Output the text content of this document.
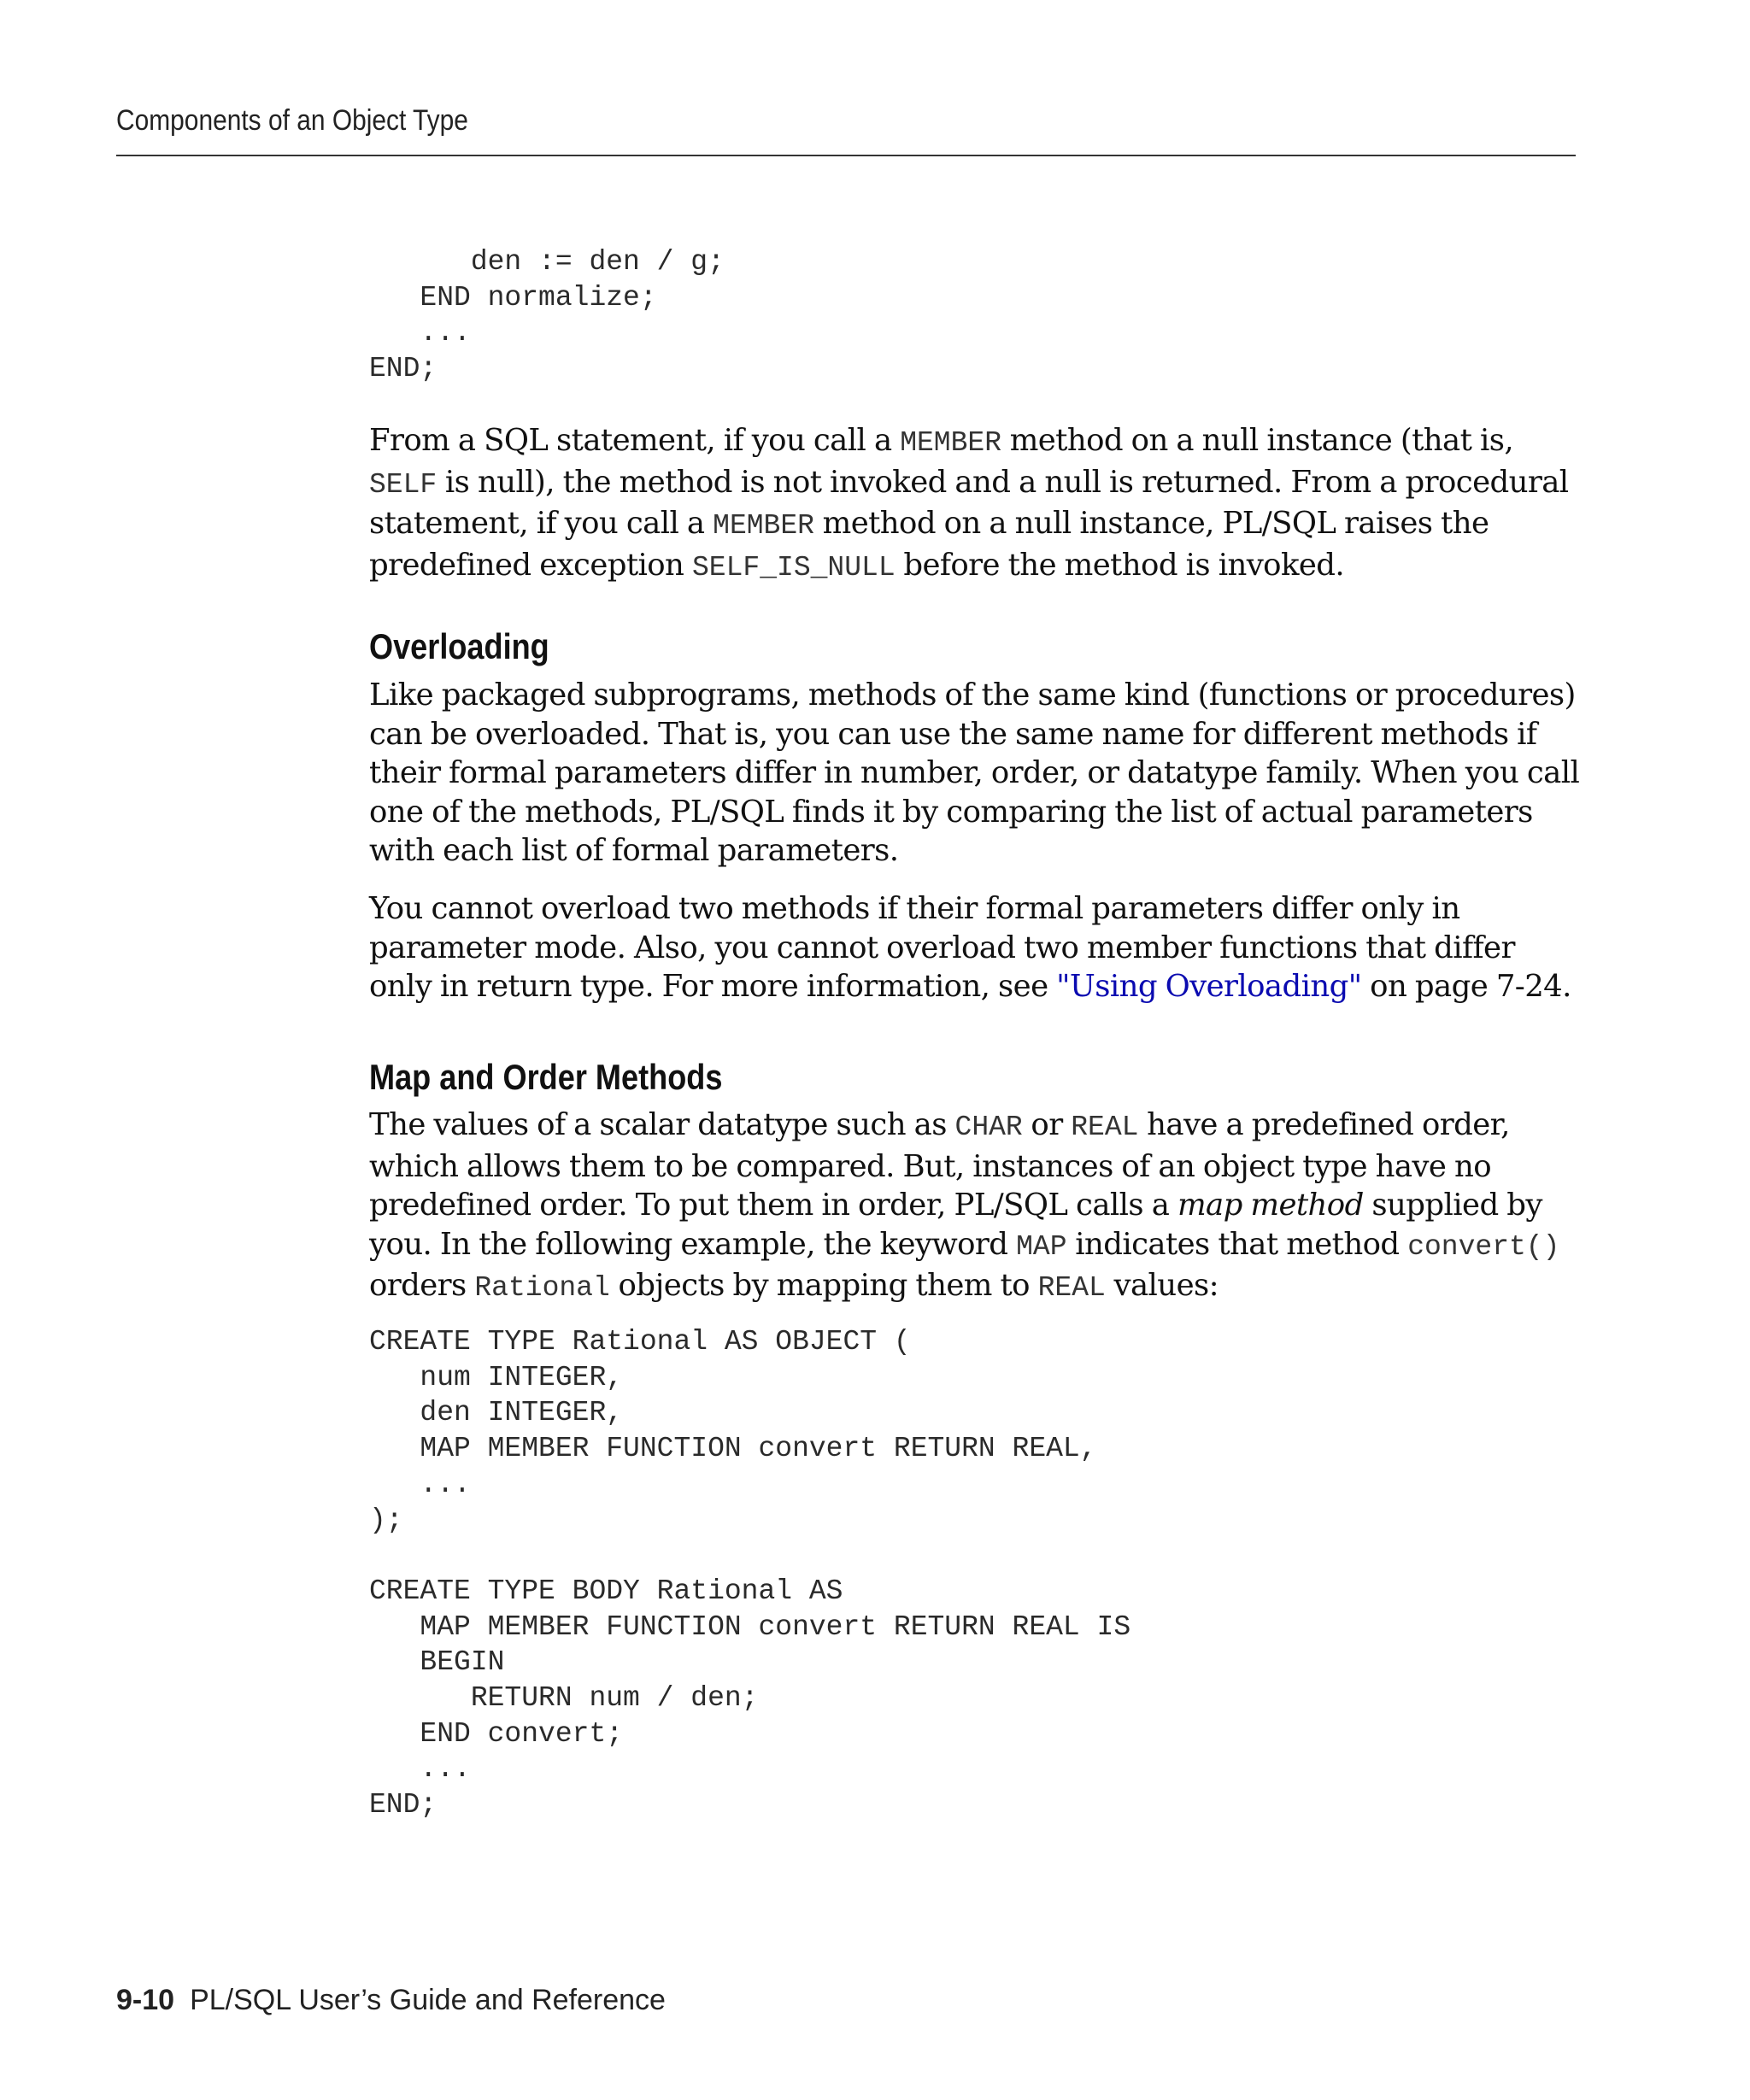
Components of an Object Type
den := den / g;
END normalize;
...
END;

From a SQL statement, if you call a MEMBER method on a null instance (that is, SELF is null), the method is not invoked and a null is returned. From a procedural statement, if you call a MEMBER method on a null instance, PL/SQL raises the predefined exception SELF_IS_NULL before the method is invoked.

Overloading

Like packaged subprograms, methods of the same kind (functions or procedures) can be overloaded. That is, you can use the same name for different methods if their formal parameters differ in number, order, or datatype family. When you call one of the methods, PL/SQL finds it by comparing the list of actual parameters with each list of formal parameters.

You cannot overload two methods if their formal parameters differ only in parameter mode. Also, you cannot overload two member functions that differ only in return type. For more information, see "Using Overloading" on page 7-24.

Map and Order Methods

The values of a scalar datatype such as CHAR or REAL have a predefined order, which allows them to be compared. But, instances of an object type have no predefined order. To put them in order, PL/SQL calls a map method supplied by you. In the following example, the keyword MAP indicates that method convert() orders Rational objects by mapping them to REAL values:

CREATE TYPE Rational AS OBJECT (
num INTEGER,
den INTEGER,
MAP MEMBER FUNCTION convert RETURN REAL,
...
);

CREATE TYPE BODY Rational AS
MAP MEMBER FUNCTION convert RETURN REAL IS
BEGIN
RETURN num / den;
END convert;
...
END;
9-10 PL/SQL User’s Guide and Reference
